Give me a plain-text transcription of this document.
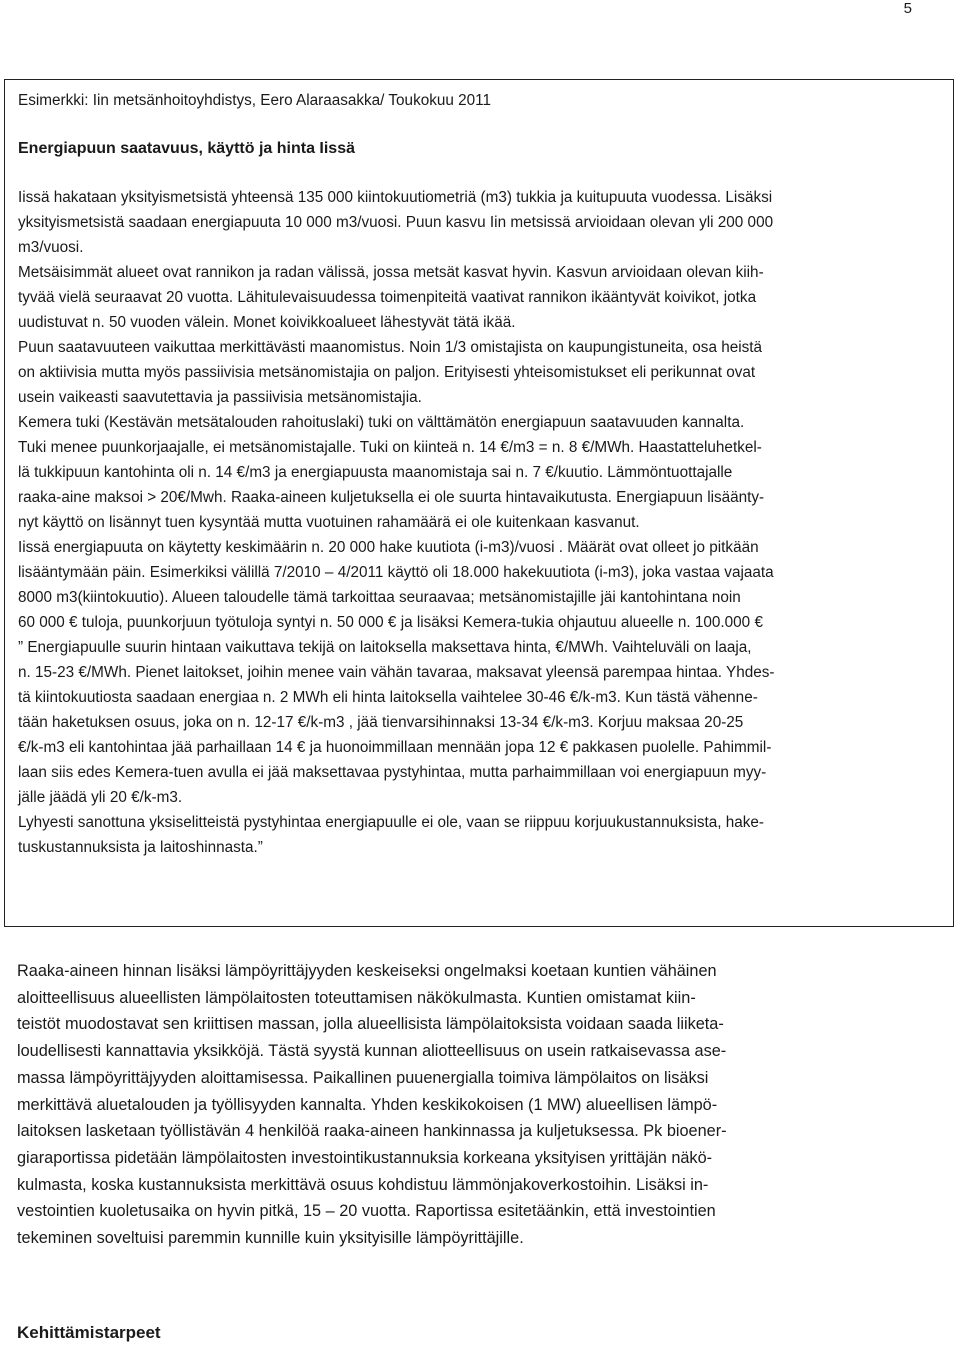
5
Esimerkki: Iin metsänhoitoyhdistys, Eero Alaraasakka/ Toukokuu 2011
Energiapuun saatavuus, käyttö ja hinta Iissä
Iissä hakataan yksityismetsistä yhteensä 135 000 kiintokuutiometriä (m3) tukkia ja kuitupuuta vuodessa. Lisäksi
yksityismetsistä saadaan energiapuuta 10 000 m3/vuosi. Puun kasvu Iin metsissä arvioidaan olevan yli 200 000
m3/vuosi.
Metsäisimmät alueet ovat rannikon ja radan välissä, jossa metsät kasvat hyvin. Kasvun arvioidaan olevan kiih-
tyvää vielä seuraavat 20 vuotta. Lähitulevaisuudessa toimenpiteitä vaativat rannikon ikääntyvät koivikot, jotka
uudistuvat n. 50 vuoden välein. Monet koivikkoalueet lähestyvät tätä ikää.
Puun saatavuuteen vaikuttaa merkittävästi maanomistus. Noin 1/3 omistajista on kaupungistuneita, osa heistä
on aktiivisia mutta myös passiivisia metsänomistajia on paljon. Erityisesti yhteisomistukset eli perikunnat ovat
usein vaikeasti saavutettavia ja passiivisia metsänomistajia.
Kemera tuki (Kestävän metsätalouden rahoituslaki) tuki on välttämätön energiapuun saatavuuden kannalta.
Tuki menee puunkorjaajalle, ei metsänomistajalle. Tuki on kiinteä n. 14 €/m3 = n. 8 €/MWh. Haastatteluhetkel-
lä tukkipuun kantohinta oli n. 14 €/m3 ja energiapuusta maanomistaja sai n. 7 €/kuutio. Lämmöntuottajalle
raaka-aine maksoi > 20€/Mwh. Raaka-aineen kuljetuksella ei ole suurta hintavaikutusta. Energiapuun lisäänty-
nyt käyttö on lisännyt tuen kysyntää mutta vuotuinen rahamäärä ei ole kuitenkaan kasvanut.
Iissä energiapuuta on käytetty keskimäärin n. 20 000 hake kuutiota (i-m3)/vuosi . Määrät ovat olleet jo pitkään
lisääntymään päin. Esimerkiksi välillä 7/2010 – 4/2011 käyttö oli 18.000 hakekuutiota (i-m3), joka vastaa vajaata
8000 m3(kiintokuutio). Alueen taloudelle tämä tarkoittaa seuraavaa; metsänomistajille jäi kantohintana noin
60 000 € tuloja, puunkorjuun työtuloja syntyi n. 50 000 € ja lisäksi Kemera-tukia ohjautuu alueelle n. 100.000 €
” Energiapuulle suurin hintaan vaikuttava tekijä on laitoksella maksettava hinta, €/MWh. Vaihteluväli on laaja,
n. 15-23 €/MWh. Pienet laitokset, joihin menee vain vähän tavaraa, maksavat yleensä parempaa hintaa. Yhdes-
tä kiintokuutiosta saadaan energiaa n. 2 MWh eli hinta laitoksella vaihtelee 30-46 €/k-m3. Kun tästä vähenne-
tään haketuksen osuus, joka on n. 12-17 €/k-m3 , jää tienvarsihinnaksi 13-34 €/k-m3. Korjuu maksaa 20-25
€/k-m3 eli kantohintaa jää parhaillaan 14 € ja huonoimmillaan mennään jopa 12 € pakkasen puolelle. Pahimmil-
laan siis edes Kemera-tuen avulla ei jää maksettavaa pystyhintaa, mutta parhaimmillaan voi energiapuun myy-
jälle jäädä yli 20 €/k-m3.
Lyhyesti sanottuna yksiselitteistä pystyhintaa energiapuulle ei ole, vaan se riippuu korjuukustannuksista, hake-
tuskustannuksista ja laitoshinnasta.”
Raaka-aineen hinnan lisäksi lämpöyrittäjyyden keskeiseksi ongelmaksi koetaan kuntien vähäinen
aloitteellisuus alueellisten lämpölaitosten toteuttamisen näkökulmasta. Kuntien omistamat kiin-
teistöt muodostavat sen kriittisen massan, jolla alueellisista lämpölaitoksista voidaan saada liiketa-
loudellisesti kannattavia yksikköjä. Tästä syystä kunnan aliotteellisuus on usein ratkaisevassa ase-
massa lämpöyrittäjyyden aloittamisessa. Paikallinen puuenergialla toimiva lämpölaitos on lisäksi
merkittävä aluetalouden ja työllisyyden kannalta. Yhden keskikokoisen (1 MW) alueellisen lämpö-
laitoksen lasketaan työllistävän 4 henkilöä raaka-aineen hankinnassa ja kuljetuksessa. Pk bioener-
giaraportissa pidetään lämpölaitosten investointikustannuksia korkeana yksityisen yrittäjän näkö-
kulmasta, koska kustannuksista merkittävä osuus kohdistuu lämmönjakoverkostoihin. Lisäksi in-
vestointien kuoletusaika on hyvin pitkä, 15 – 20 vuotta. Raportissa esitetäänkin, että investointien
tekeminen soveltuisi paremmin kunnille kuin yksityisille lämpöyrittäjille.
Kehittämistarpeet
